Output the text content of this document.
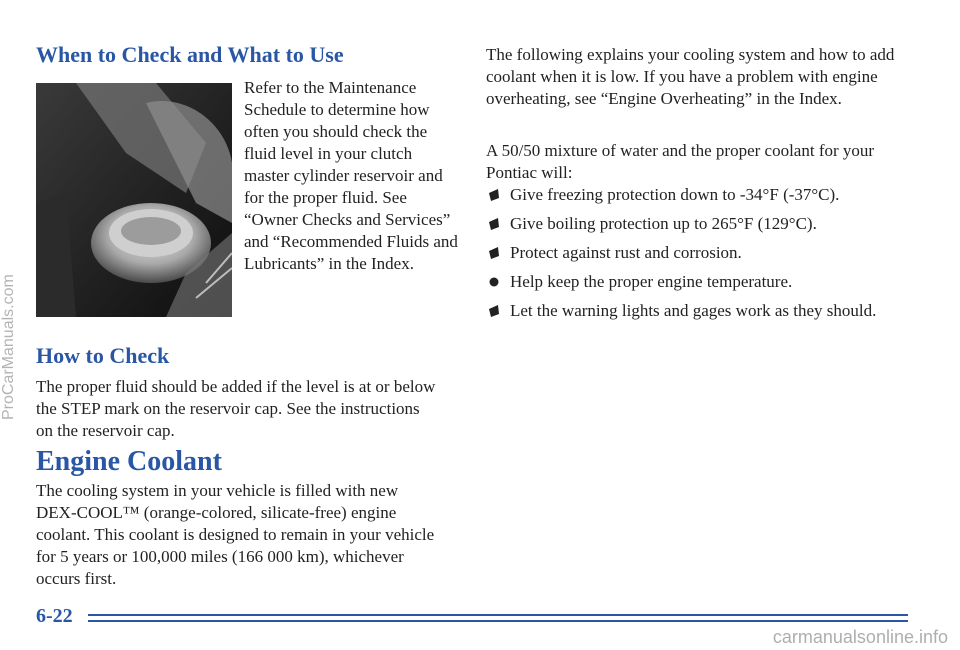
When to Check and What to Use

Refer to the Maintenance Schedule to determine how often you should check the fluid level in your clutch master cylinder reservoir and for the proper fluid. See “Owner Checks and Services” and “Recommended Fluids and Lubricants” in the Index.

How to Check

The proper fluid should be added if the level is at or below the STEP mark on the reservoir cap. See the instructions on the reservoir cap.

Engine Coolant

The cooling system in your vehicle is filled with new DEX-COOL™ (orange-colored, silicate-free) engine coolant. This coolant is designed to remain in your vehicle for 5 years or 100,000 miles (166 000 km), whichever occurs first.

The following explains your cooling system and how to add coolant when it is low. If you have a problem with engine overheating, see “Engine Overheating” in the Index.

A 50/50 mixture of water and the proper coolant for your Pontiac will:

Give freezing protection down to -34°F (-37°C).
Give boiling protection up to 265°F (129°C).
Protect against rust and corrosion.
Help keep the proper engine temperature.
Let the warning lights and gages work as they should.
6-22
ProCarManuals.com
carmanualsonline.info
